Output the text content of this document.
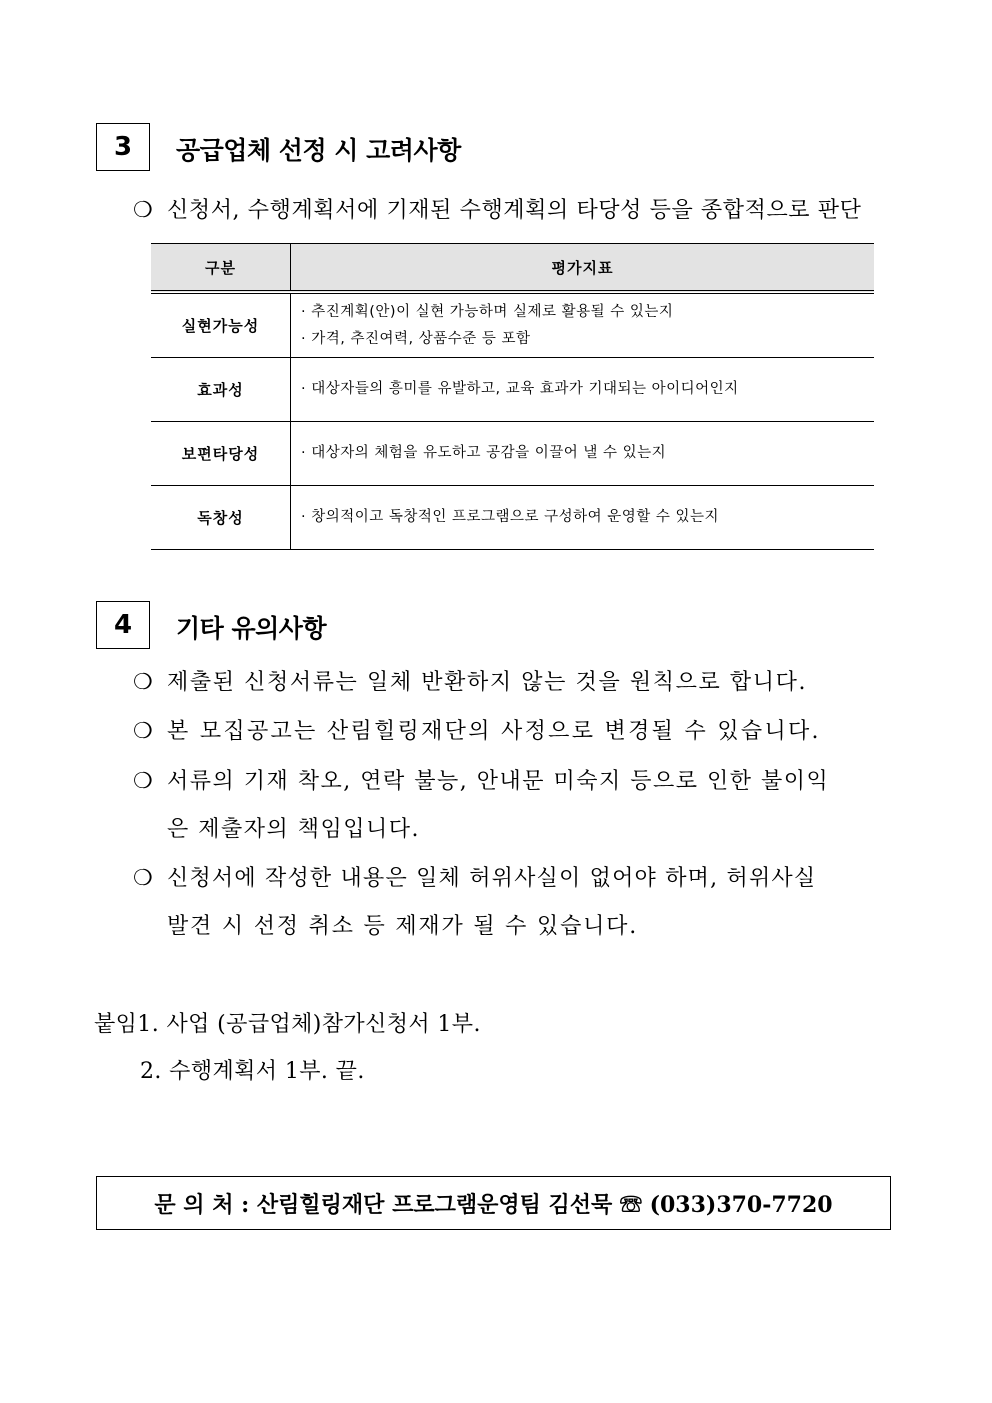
3 공급업체 선정 시 고려사항
❍ 신청서, 수행계획서에 기재된 수행계획의 타당성 등을 종합적으로 판단
구분	평가지표
실현가능성	· 추진계획(안)이 실현 가능하며 실제로 활용될 수 있는지
· 가격, 추진여력, 상품수준 등 포함

효과성	· 대상자들의 흥미를 유발하고, 교육 효과가 기대되는 아이디어인지

보편타당성	· 대상자의 체험을 유도하고 공감을 이끌어 낼 수 있는지

독창성	· 창의적이고 독창적인 프로그램으로 구성하여 운영할 수 있는지
4 기타 유의사항
❍ 제출된 신청서류는 일체 반환하지 않는 것을 원칙으로 합니다.
❍ 본 모집공고는 산림힐링재단의 사정으로 변경될 수 있습니다.
❍ 서류의 기재 착오, 연락 불능, 안내문 미숙지 등으로 인한 불이익
은 제출자의 책임입니다.
❍ 신청서에 작성한 내용은 일체 허위사실이 없어야 하며, 허위사실
발견 시 선정 취소 등 제재가 될 수 있습니다.
붙임1. 사업 (공급업체)참가신청서 1부.
2. 수행계획서 1부. 끝.
문 의 처 : 산림힐링재단 프로그램운영팀 김선묵 ☏ (033)370-7720
